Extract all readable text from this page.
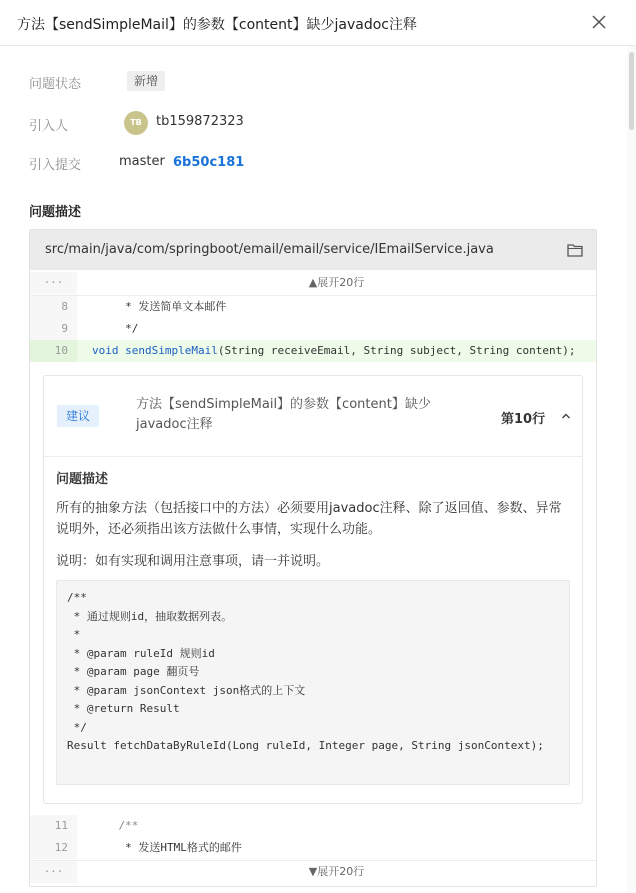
方法【sendSimpleMail】的参数【content】缺少javadoc注释
问题状态	新增
引入人	TB	tb159872323
引入提交	master 6b50c181
问题描述
src/main/java/com/springboot/email/email/service/IEmailService.java
···	▲展开20行
8	* 发送简单文本邮件
9	*/
10	void sendSimpleMail(String receiveEmail, String subject, String content);
建议
方法【sendSimpleMail】的参数【content】缺少javadoc注释	第10行
问题描述
所有的抽象方法（包括接口中的方法）必须要用javadoc注释、除了返回值、参数、异常说明外，还必须指出该方法做什么事情，实现什么功能。
说明：如有实现和调用注意事项，请一并说明。
/**
* 通过规则id，抽取数据列表。
*
* @param ruleId 规则id
* @param page 翻页号
* @param jsonContext json格式的上下文
* @return Result
*/
Result fetchDataByRuleId(Long ruleId, Integer page, String jsonContext);
11	/**
12	* 发送HTML格式的邮件
···	▼展开20行
